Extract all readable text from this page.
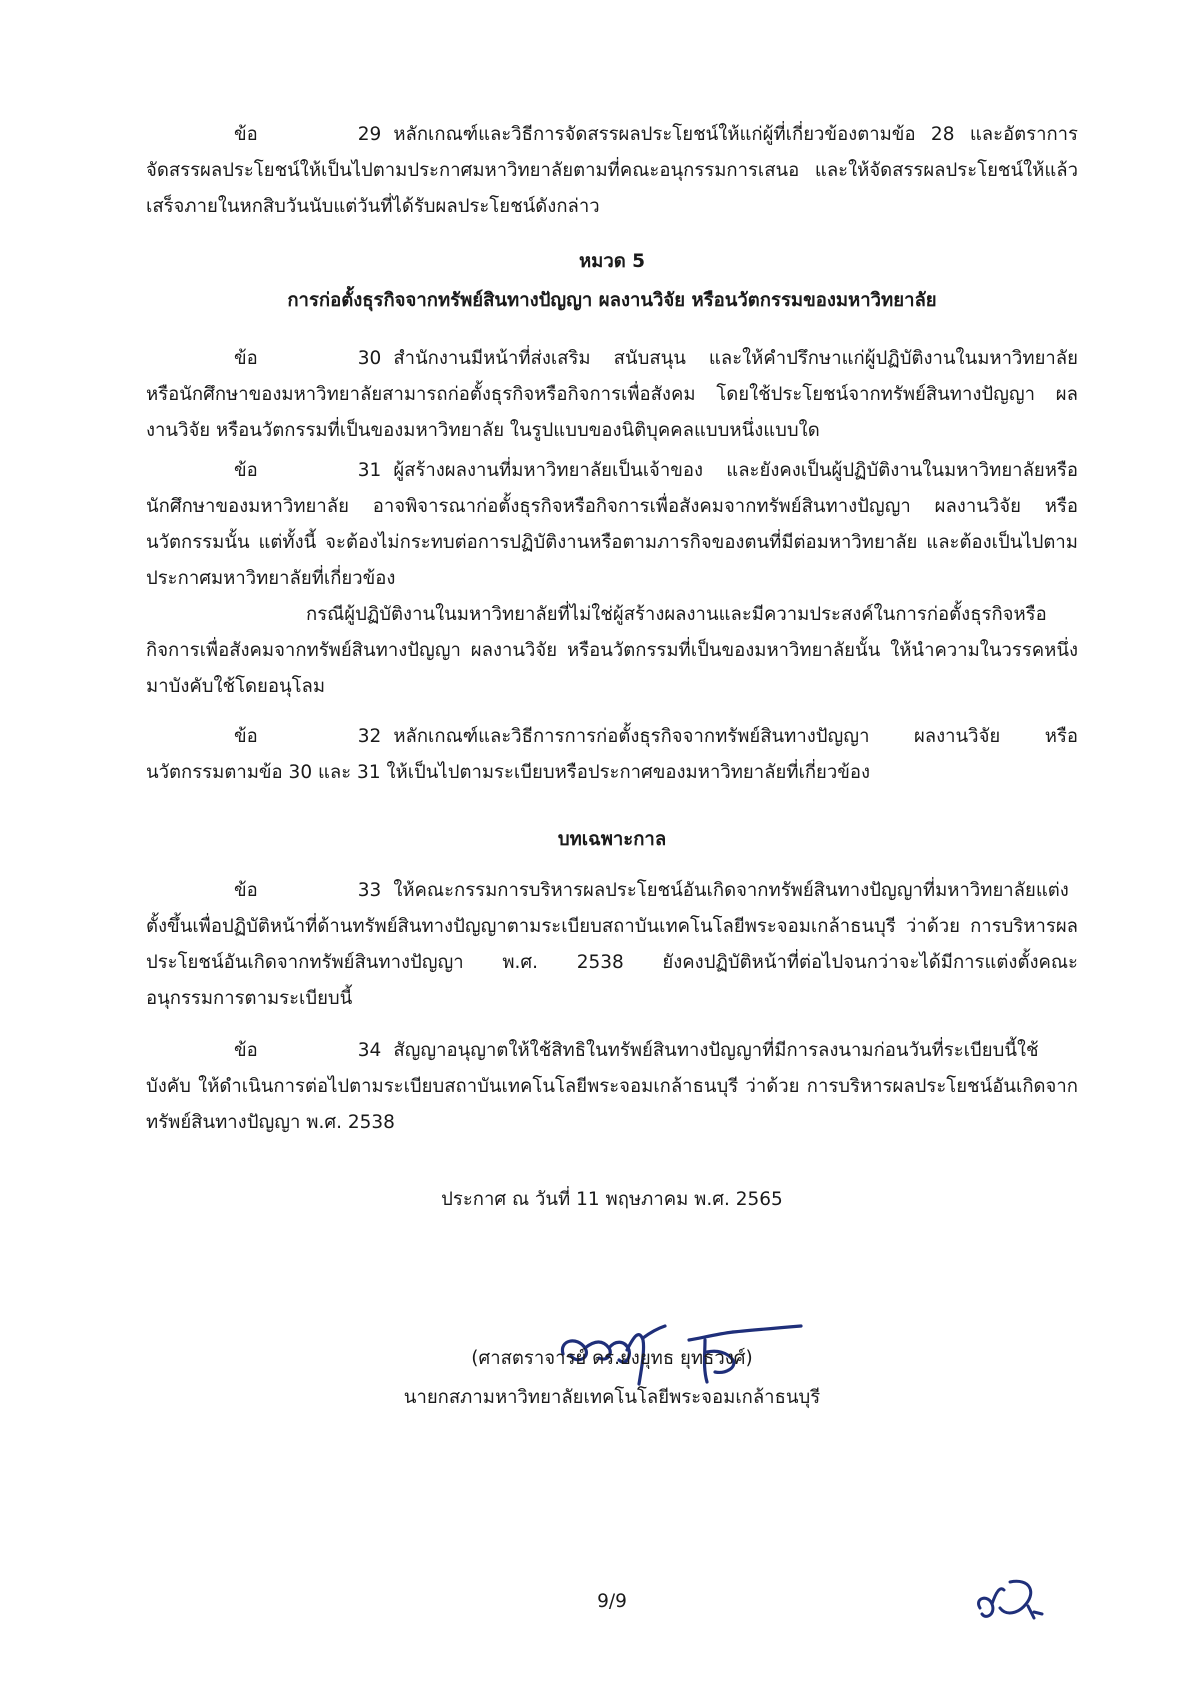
ข้อ	29 หลักเกณฑ์และวิธีการจัดสรรผลประโยชน์ให้แก่ผู้ที่เกี่ยวข้องตามข้อ 28 และอัตราการจัดสรรผลประโยชน์ให้เป็นไปตามประกาศมหาวิทยาลัยตามที่คณะอนุกรรมการเสนอ และให้จัดสรรผลประโยชน์ให้แล้วเสร็จภายในหกสิบวันนับแต่วันที่ได้รับผลประโยชน์ดังกล่าว

หมวด 5

การก่อตั้งธุรกิจจากทรัพย์สินทางปัญญา ผลงานวิจัย หรือนวัตกรรมของมหาวิทยาลัย

ข้อ	30 สำนักงานมีหน้าที่ส่งเสริม สนับสนุน และให้คำปรึกษาแก่ผู้ปฏิบัติงานในมหาวิทยาลัย หรือนักศึกษาของมหาวิทยาลัยสามารถก่อตั้งธุรกิจหรือกิจการเพื่อสังคม โดยใช้ประโยชน์จากทรัพย์สินทางปัญญา ผลงานวิจัย หรือนวัตกรรมที่เป็นของมหาวิทยาลัย ในรูปแบบของนิติบุคคลแบบหนึ่งแบบใด

ข้อ	31 ผู้สร้างผลงานที่มหาวิทยาลัยเป็นเจ้าของ และยังคงเป็นผู้ปฏิบัติงานในมหาวิทยาลัยหรือนักศึกษาของมหาวิทยาลัย อาจพิจารณาก่อตั้งธุรกิจหรือกิจการเพื่อสังคมจากทรัพย์สินทางปัญญา ผลงานวิจัย หรือนวัตกรรมนั้น แต่ทั้งนี้ จะต้องไม่กระทบต่อการปฏิบัติงานหรือตามภารกิจของตนที่มีต่อมหาวิทยาลัย และต้องเป็นไปตามประกาศมหาวิทยาลัยที่เกี่ยวข้อง

กรณีผู้ปฏิบัติงานในมหาวิทยาลัยที่ไม่ใช่ผู้สร้างผลงานและมีความประสงค์ในการก่อตั้งธุรกิจหรือกิจการเพื่อสังคมจากทรัพย์สินทางปัญญา ผลงานวิจัย หรือนวัตกรรมที่เป็นของมหาวิทยาลัยนั้น ให้นำความในวรรคหนึ่งมาบังคับใช้โดยอนุโลม

ข้อ	32 หลักเกณฑ์และวิธีการการก่อตั้งธุรกิจจากทรัพย์สินทางปัญญา ผลงานวิจัย หรือนวัตกรรมตามข้อ 30 และ 31 ให้เป็นไปตามระเบียบหรือประกาศของมหาวิทยาลัยที่เกี่ยวข้อง

บทเฉพาะกาล

ข้อ	33 ให้คณะกรรมการบริหารผลประโยชน์อันเกิดจากทรัพย์สินทางปัญญาที่มหาวิทยาลัยแต่งตั้งขึ้นเพื่อปฏิบัติหน้าที่ด้านทรัพย์สินทางปัญญาตามระเบียบสถาบันเทคโนโลยีพระจอมเกล้าธนบุรี ว่าด้วย การบริหารผลประโยชน์อันเกิดจากทรัพย์สินทางปัญญา พ.ศ. 2538 ยังคงปฏิบัติหน้าที่ต่อไปจนกว่าจะได้มีการแต่งตั้งคณะอนุกรรมการตามระเบียบนี้

ข้อ	34 สัญญาอนุญาตให้ใช้สิทธิในทรัพย์สินทางปัญญาที่มีการลงนามก่อนวันที่ระเบียบนี้ใช้บังคับ ให้ดำเนินการต่อไปตามระเบียบสถาบันเทคโนโลยีพระจอมเกล้าธนบุรี ว่าด้วย การบริหารผลประโยชน์อันเกิดจากทรัพย์สินทางปัญญา พ.ศ. 2538

ประกาศ ณ วันที่ 11 พฤษภาคม พ.ศ. 2565

(ศาสตราจารย์ ดร.ยงยุทธ ยุทธวงศ์)

นายกสภามหาวิทยาลัยเทคโนโลยีพระจอมเกล้าธนบุรี

9/9
